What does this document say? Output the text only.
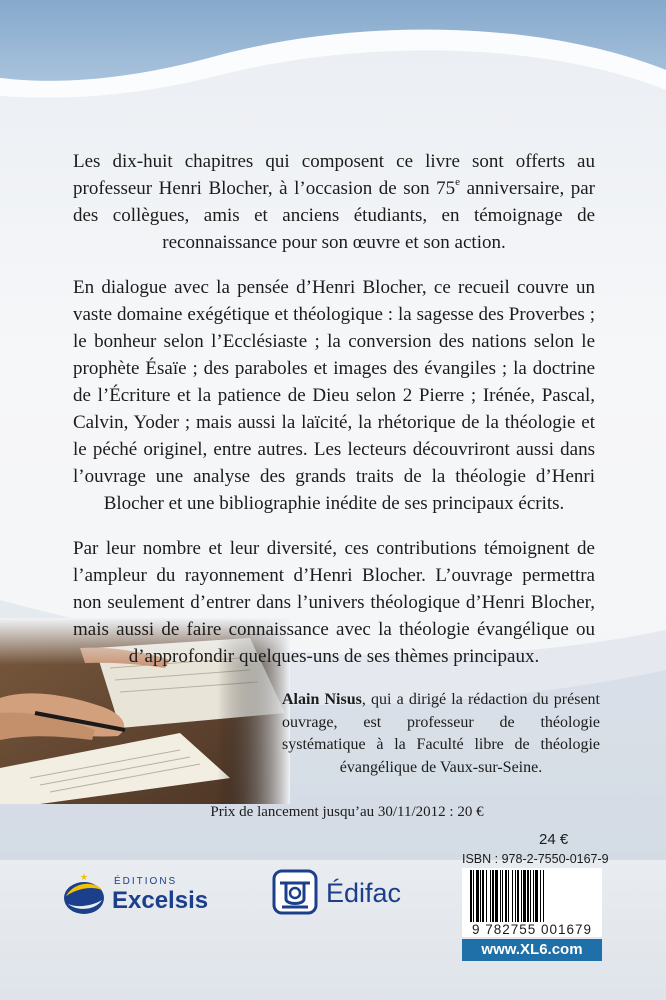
Les dix-huit chapitres qui composent ce livre sont offerts au professeur Henri Blocher, à l’occasion de son 75e anniversaire, par des collègues, amis et anciens étudiants, en témoignage de reconnaissance pour son œuvre et son action.

En dialogue avec la pensée d’Henri Blocher, ce recueil couvre un vaste domaine exégétique et théologique : la sagesse des Proverbes ; le bonheur selon l’Ecclésiaste ; la conversion des nations selon le prophète Ésaïe ; des paraboles et images des évangiles ; la doctrine de l’Écriture et la patience de Dieu selon 2 Pierre ; Irénée, Pascal, Calvin, Yoder ; mais aussi la laïcité, la rhétorique de la théologie et le péché originel, entre autres. Les lecteurs découvriront aussi dans l’ouvrage une analyse des grands traits de la théologie d’Henri Blocher et une bibliographie inédite de ses principaux écrits.

Par leur nombre et leur diversité, ces contributions témoignent de l’ampleur du rayonnement d’Henri Blocher. L’ouvrage permettra non seulement d’entrer dans l’univers théologique d’Henri Blocher, mais aussi de faire connaissance avec la théologie évangélique ou d’approfondir quelques-uns de ses thèmes principaux.

Alain Nisus, qui a dirigé la rédaction du présent ouvrage, est professeur de théologie systématique à la Faculté libre de théologie évangélique de Vaux-sur-Seine.
Prix de lancement jusqu’au 30/11/2012 : 20 €
★	ÉDITIONS
Excelsis	Édifac
24 €
ISBN : 978-2-7550-0167-9
9 782755 001679
www.XL6.com
